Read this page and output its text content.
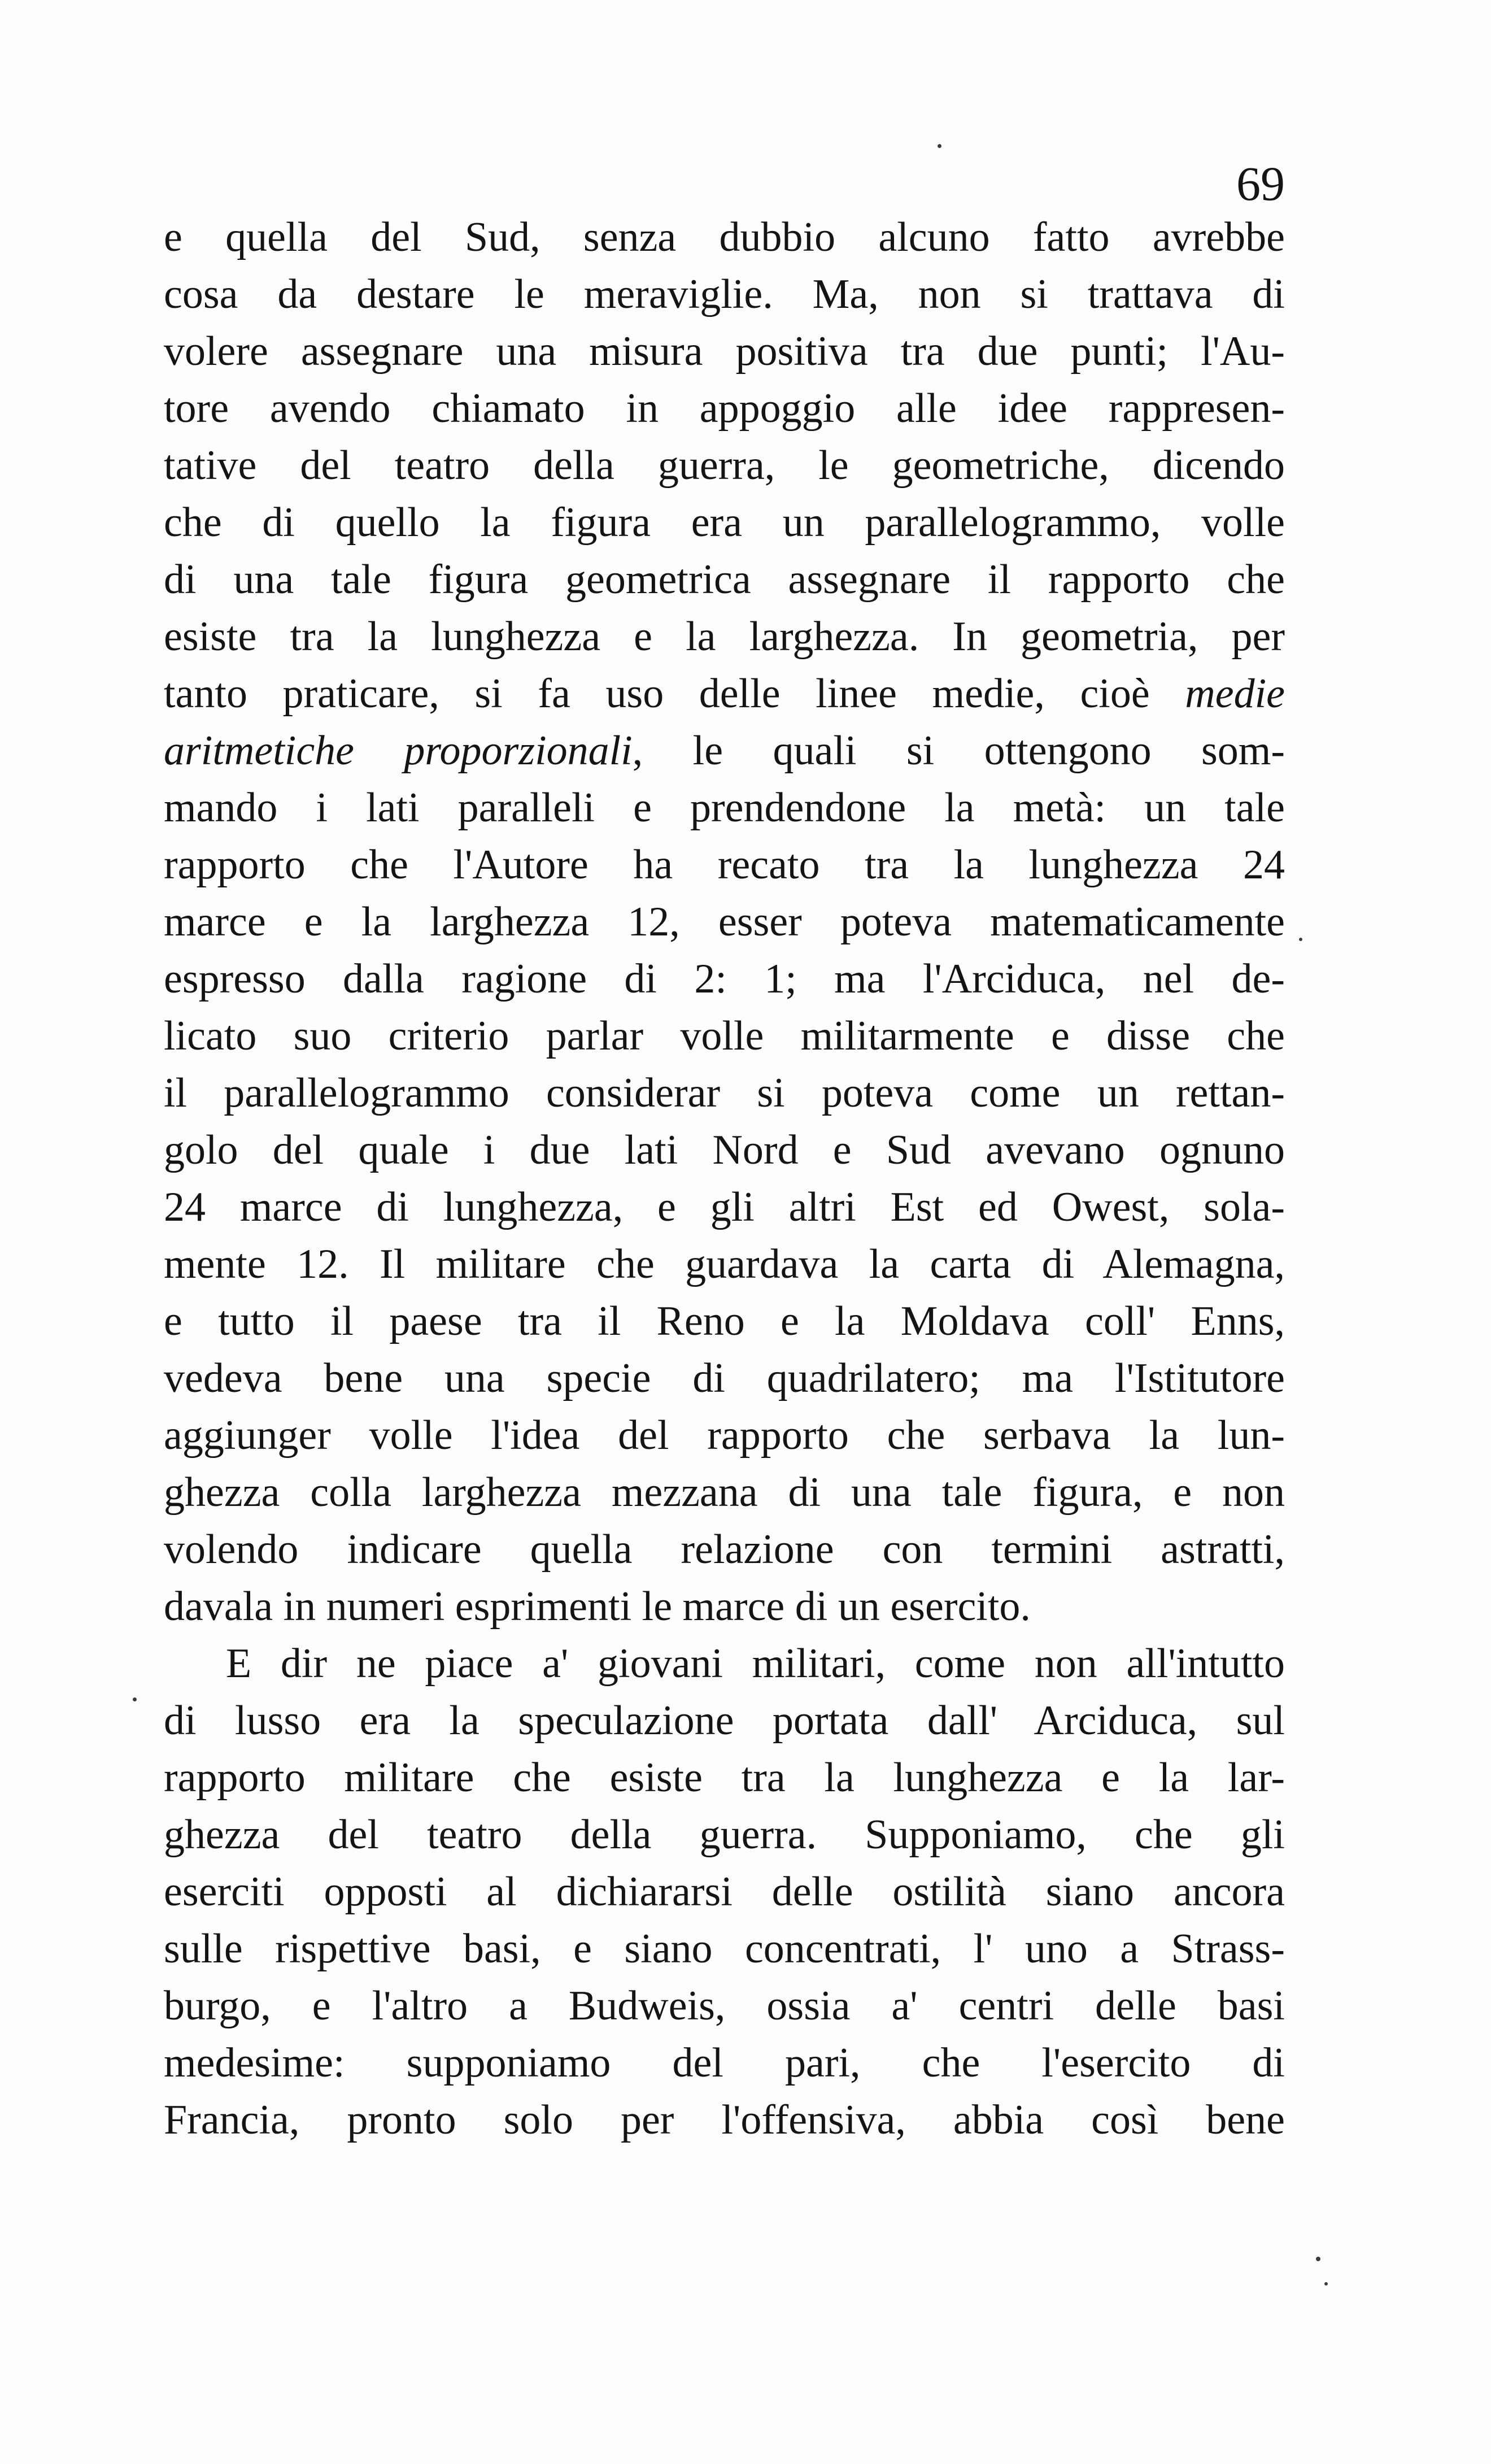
69
e quella del Sud, senza dubbio alcuno fatto avrebbe
cosa da destare le meraviglie. Ma, non si trattava di
volere assegnare una misura positiva tra due punti; l'Au-
tore avendo chiamato in appoggio alle idee rappresen-
tative del teatro della guerra, le geometriche, dicendo
che di quello la figura era un parallelogrammo, volle
di una tale figura geometrica assegnare il rapporto che
esiste tra la lunghezza e la larghezza. In geometria, per
tanto praticare, si fa uso delle linee medie, cioè medie
aritmetiche proporzionali, le quali si ottengono som-
mando i lati paralleli e prendendone la metà: un tale
rapporto che l'Autore ha recato tra la lunghezza 24
marce e la larghezza 12, esser poteva matematicamente
espresso dalla ragione di 2: 1; ma l'Arciduca, nel de-
licato suo criterio parlar volle militarmente e disse che
il parallelogrammo considerar si poteva come un rettan-
golo del quale i due lati Nord e Sud avevano ognuno
24 marce di lunghezza, e gli altri Est ed Owest, sola-
mente 12. Il militare che guardava la carta di Alemagna,
e tutto il paese tra il Reno e la Moldava coll' Enns,
vedeva bene una specie di quadrilatero; ma l'Istitutore
aggiunger volle l'idea del rapporto che serbava la lun-
ghezza colla larghezza mezzana di una tale figura, e non
volendo indicare quella relazione con termini astratti,
davala in numeri esprimenti le marce di un esercito.
E dir ne piace a' giovani militari, come non all'intutto
di lusso era la speculazione portata dall' Arciduca, sul
rapporto militare che esiste tra la lunghezza e la lar-
ghezza del teatro della guerra. Supponiamo, che gli
eserciti opposti al dichiararsi delle ostilità siano ancora
sulle rispettive basi, e siano concentrati, l' uno a Strass-
burgo, e l'altro a Budweis, ossia a' centri delle basi
medesime: supponiamo del pari, che l'esercito di
Francia, pronto solo per l'offensiva, abbia così bene
